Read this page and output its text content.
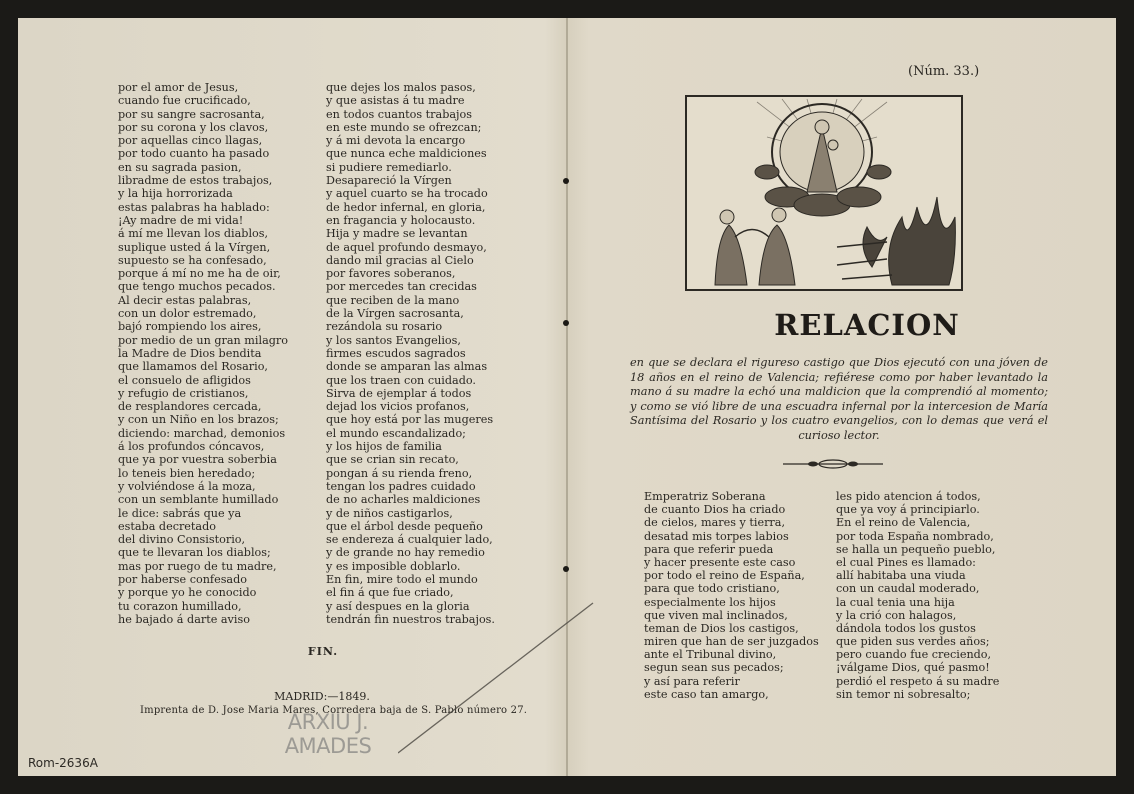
por el amor de Jesus,
cuando fue crucificado,
por su sangre sacrosanta,
por su corona y los clavos,
por aquellas cinco llagas,
por todo cuanto ha pasado
en su sagrada pasion,
libradme de estos trabajos,
y la hija horrorizada
estas palabras ha hablado:
¡Ay madre de mi vida!
á mí me llevan los diablos,
suplique usted á la Vírgen,
supuesto se ha confesado,
porque á mí no me ha de oir,
que tengo muchos pecados.
Al decir estas palabras,
con un dolor estremado,
bajó rompiendo los aires,
por medio de un gran milagro
la Madre de Dios bendita
que llamamos del Rosario,
el consuelo de afligidos
y refugio de cristianos,
de resplandores cercada,
y con un Niño en los brazos;
diciendo: marchad, demonios
á los profundos cóncavos,
que ya por vuestra soberbia
lo teneis bien heredado;
y volviéndose á la moza,
con un semblante humillado
le dice: sabrás que ya
estaba decretado
del divino Consistorio,
que te llevaran los diablos;
mas por ruego de tu madre,
por haberse confesado
y porque yo he conocido
tu corazon humillado,
he bajado á darte aviso
que dejes los malos pasos,
y que asistas á tu madre
en todos cuantos trabajos
en este mundo se ofrezcan;
y á mi devota la encargo
que nunca eche maldiciones
si pudiere remediarlo.
Desapareció la Vírgen
y aquel cuarto se ha trocado
de hedor infernal, en gloria,
en fragancia y holocausto.
Hija y madre se levantan
de aquel profundo desmayo,
dando mil gracias al Cielo
por favores soberanos,
por mercedes tan crecidas
que reciben de la mano
de la Vírgen sacrosanta,
rezándola su rosario
y los santos Evangelios,
firmes escudos sagrados
donde se amparan las almas
que los traen con cuidado.
Sirva de ejemplar á todos
dejad los vicios profanos,
que hoy está por las mugeres
el mundo escandalizado;
y los hijos de familia
que se crian sin recato,
pongan á su rienda freno,
tengan los padres cuidado
de no acharles maldiciones
y de niños castigarlos,
que el árbol desde pequeño
se endereza á cualquier lado,
y de grande no hay remedio
y es imposible doblarlo.
En fin, mire todo el mundo
el fin á que fue criado,
y así despues en la gloria
tendrán fin nuestros trabajos.
FIN.
MADRID:—1849.
Imprenta de D. Jose Maria Mares, Corredera baja de S. Pablo número 27.
ARXIU J.
AMADES
Rom-2636A
(Núm. 33.)
RELACION
en que se declara el rigureso castigo que Dios ejecutó con una jóven de 18 años en el reino de Valencia; refiérese como por haber levantado la mano á su madre la echó una maldicion que la comprendió al momento; y como se vió libre de una escuadra infernal por la intercesion de María Santísima del Rosario y los cuatro evangelios, con lo demas que verá el curioso lector.
Emperatriz Soberana
de cuanto Dios ha criado
de cielos, mares y tierra,
desatad mis torpes labios
para que referir pueda
y hacer presente este caso
por todo el reino de España,
para que todo cristiano,
especialmente los hijos
que viven mal inclinados,
teman de Dios los castigos,
miren que han de ser juzgados
ante el Tribunal divino,
segun sean sus pecados;
y así para referir
este caso tan amargo,
les pido atencion á todos,
que ya voy á principiarlo.
En el reino de Valencia,
por toda España nombrado,
se halla un pequeño pueblo,
el cual Pines es llamado:
allí habitaba una viuda
con un caudal moderado,
la cual tenia una hija
y la crió con halagos,
dándola todos los gustos
que piden sus verdes años;
pero cuando fue creciendo,
¡válgame Dios, qué pasmo!
perdió el respeto á su madre
sin temor ni sobresalto;
